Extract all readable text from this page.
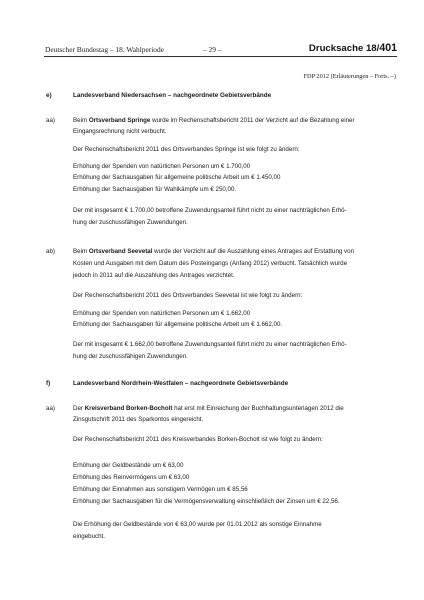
Deutscher Bundestag – 18. Wahlperiode	– 29 –	Drucksache 18/401
FDP 2012 (Erläuterungen – Forts. –)
e)	Landesverband Niedersachsen – nachgeordnete Gebietsverbände
aa)	Beim Ortsverband Springe wurde im Rechenschaftsbericht 2011 der Verzicht auf die Bezahlung einer
Eingangsrechnung nicht verbucht.
Der Rechenschaftsbericht 2011 des Ortsverbandes Springe ist wie folgt zu ändern:
Erhöhung der Spenden von natürlichen Personen um € 1.700,00
Erhöhung der Sachausgaben für allgemeine politische Arbeit um € 1.450,00
Erhöhung der Sachausgaben für Wahlkämpfe um € 250,00.
Der mit insgesamt € 1.700,00 betroffene Zuwendungsanteil führt nicht zu einer nachträglichen Erhö-
hung der zuschussfähigen Zuwendungen.
ab)	Beim Ortsverband Seevetal wurde der Verzicht auf die Auszahlung eines Antrages auf Erstattung von
Kosten und Ausgaben mit dem Datum des Posteingangs (Anfang 2012) verbucht. Tatsächlich wurde
jedoch in 2011 auf die Auszahlung des Antrages verzichtet.
Der Rechenschaftsbericht 2011 des Ortsverbandes Seevetal ist wie folgt zu ändern:
Erhöhung der Spenden von natürlichen Personen um € 1.662,00
Erhöhung der Sachausgaben für allgemeine politische Arbeit um € 1.662,00.
Der mit insgesamt € 1.662,00 betroffene Zuwendungsanteil führt nicht zu einer nachträglichen Erhö-
hung der zuschussfähigen Zuwendungen.
f)	Landesverband Nordrhein-Westfalen – nachgeordnete Gebietsverbände
aa)	Der Kreisverband Borken-Bocholt hat erst mit Einreichung der Buchhaltungsunterlagen 2012 die
Zinsgutschrift 2011 des Sparkontos eingereicht.
Der Rechenschaftsbericht 2011 des Kreisverbandes Borken-Bocholt ist wie folgt zu ändern:
Erhöhung der Geldbestände um € 63,00
Erhöhung des Reinvermögens um € 63,00
Erhöhung der Einnahmen aus sonstigem Vermögen um € 85,56
Erhöhung der Sachausgaben für die Vermögensverwaltung einschließlich der Zinsen um € 22,56.
Die Erhöhung der Geldbestände von € 63,00 wurde per 01.01.2012 als sonstige Einnahme
eingebucht.
